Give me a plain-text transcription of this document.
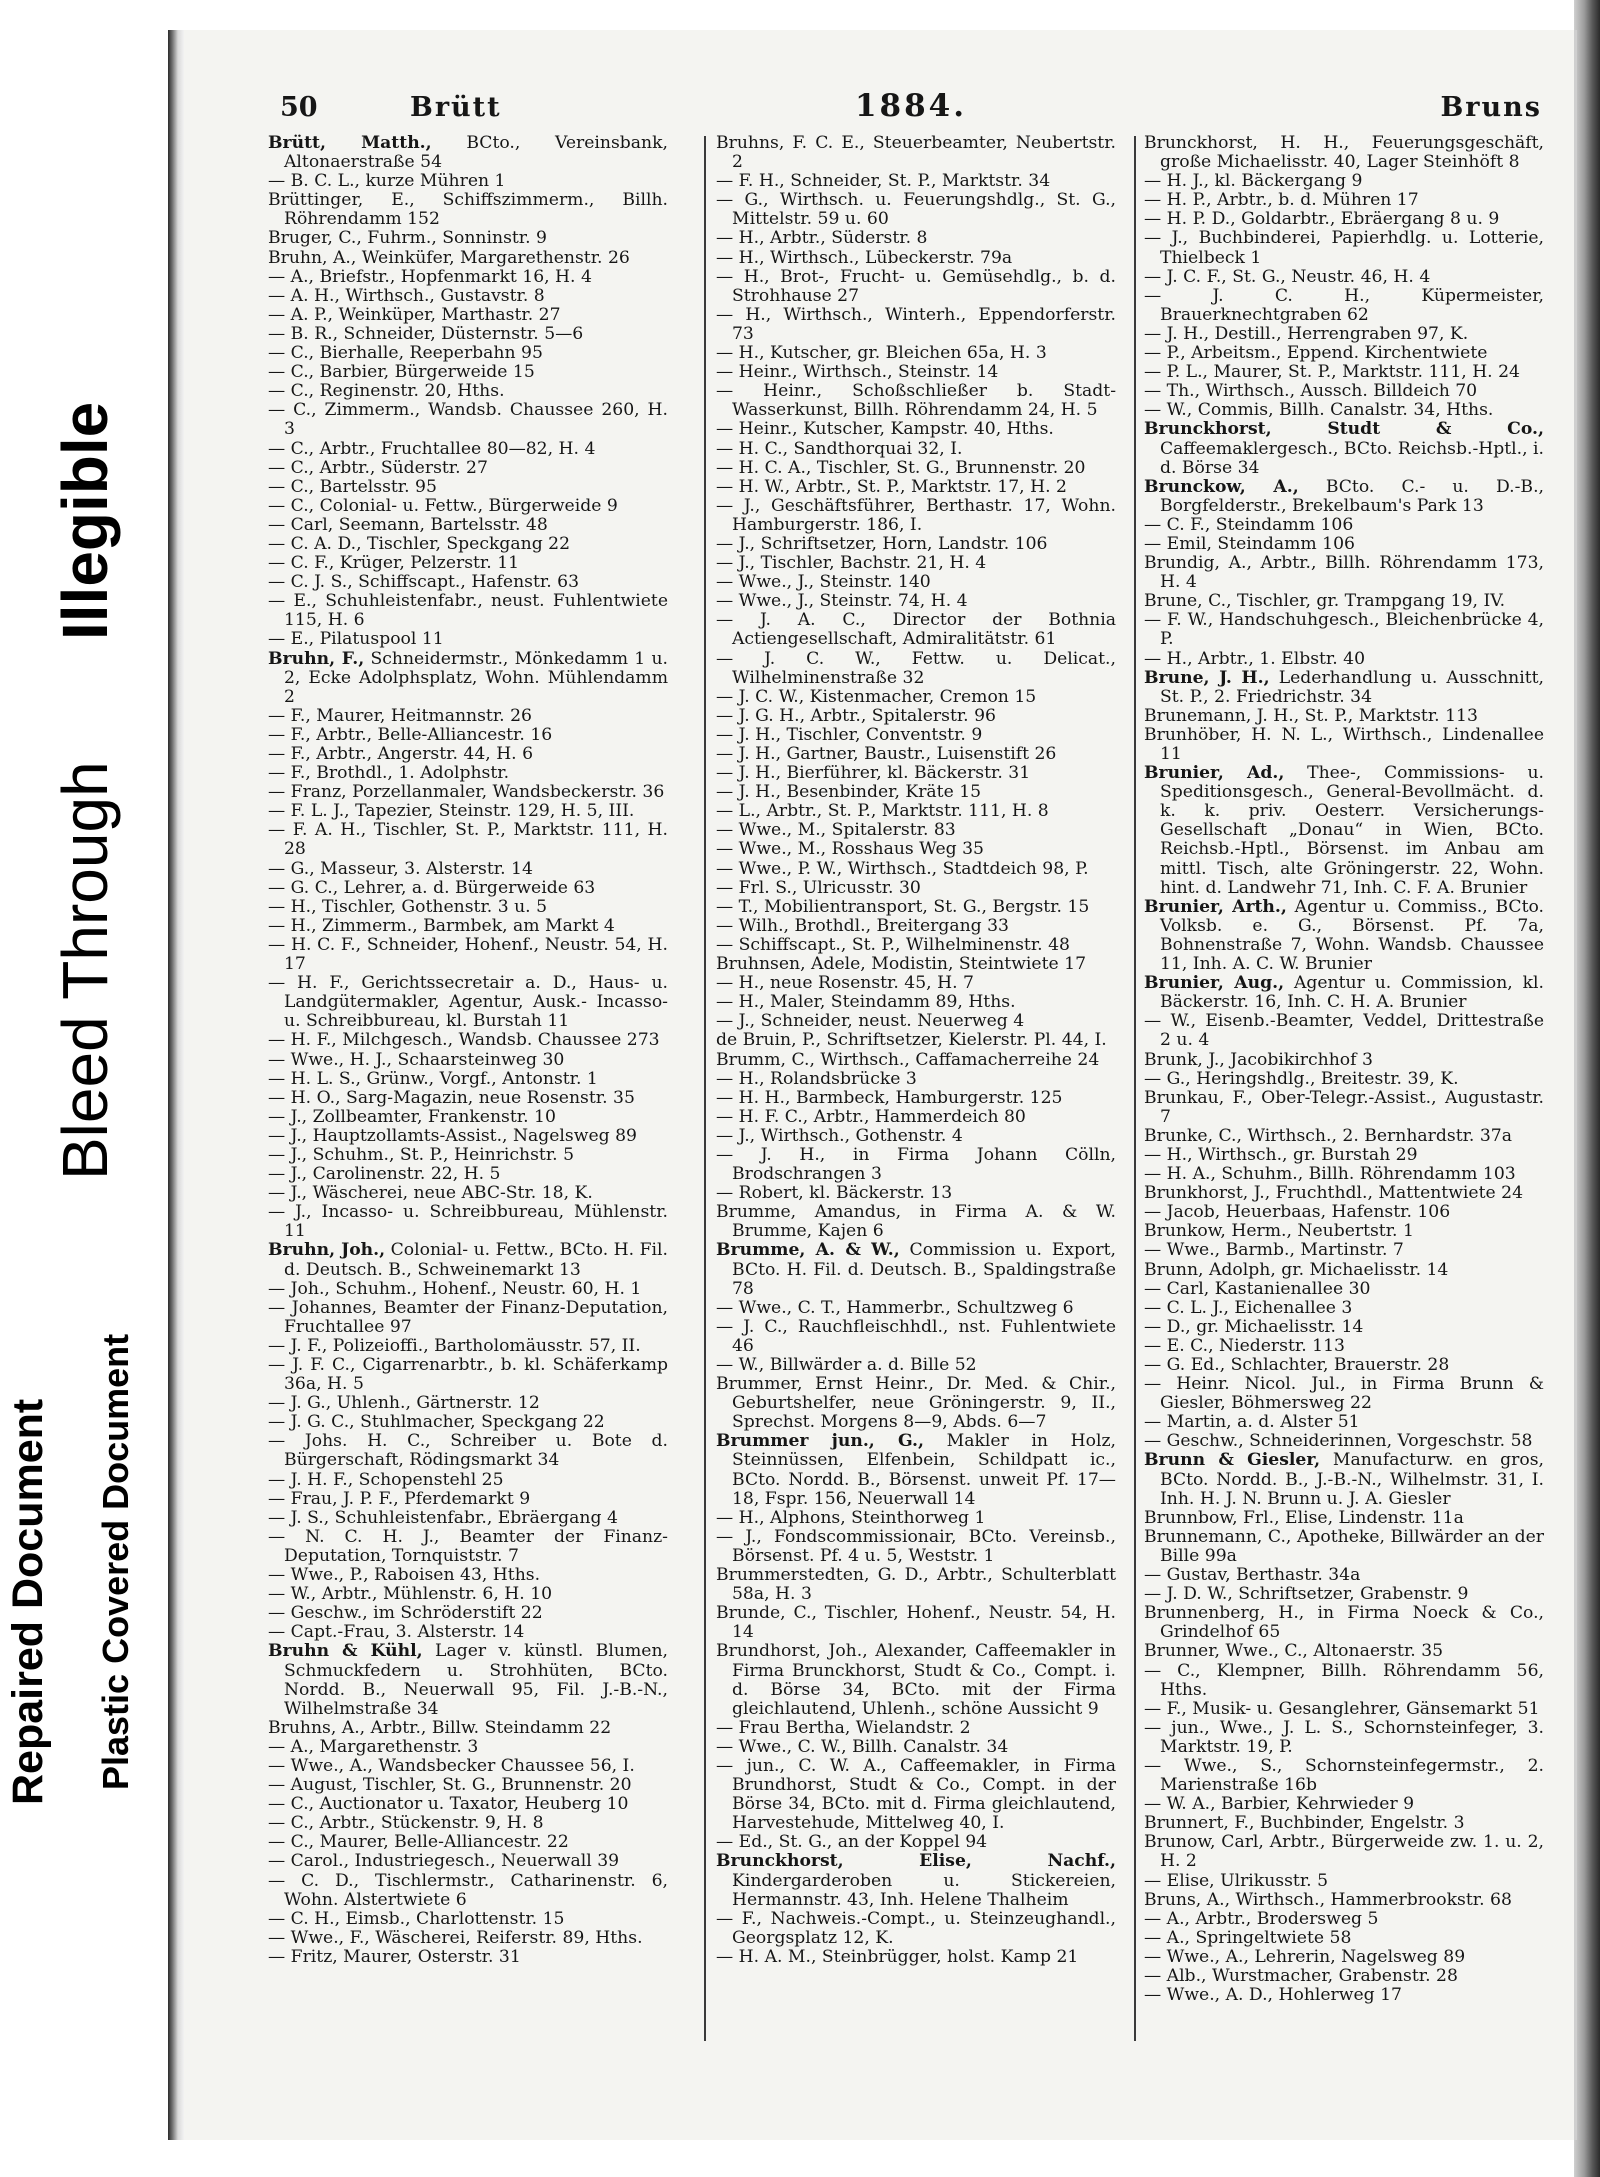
Repaired Document Plastic Covered Document
Bleed Through
Illegible
50	Brütt	1884.	Bruns

Brütt, Matth., BCto., Vereinsbank, Altonaerstraße 54

— B. C. L., kurze Mühren 1

Brüttinger, E., Schiffszimmerm., Billh. Röhrendamm 152

Bruger, C., Fuhrm., Sonninstr. 9

Bruhn, A., Weinküfer, Margarethenstr. 26

— A., Briefstr., Hopfenmarkt 16, H. 4

— A. H., Wirthsch., Gustavstr. 8

— A. P., Weinküper, Marthastr. 27

— B. R., Schneider, Düsternstr. 5—6

— C., Bierhalle, Reeperbahn 95

— C., Barbier, Bürgerweide 15

— C., Reginenstr. 20, Hths.

— C., Zimmerm., Wandsb. Chaussee 260, H. 3

— C., Arbtr., Fruchtallee 80—82, H. 4

— C., Arbtr., Süderstr. 27

— C., Bartelsstr. 95

— C., Colonial- u. Fettw., Bürgerweide 9

— Carl, Seemann, Bartelsstr. 48

— C. A. D., Tischler, Speckgang 22

— C. F., Krüger, Pelzerstr. 11

— C. J. S., Schiffscapt., Hafenstr. 63

— E., Schuhleistenfabr., neust. Fuhlentwiete 115, H. 6

— E., Pilatuspool 11

Bruhn, F., Schneidermstr., Mönkedamm 1 u. 2, Ecke Adolphsplatz, Wohn. Mühlendamm 2

— F., Maurer, Heitmannstr. 26

— F., Arbtr., Belle-Alliancestr. 16

— F., Arbtr., Angerstr. 44, H. 6

— F., Brothdl., 1. Adolphstr.

— Franz, Porzellanmaler, Wandsbeckerstr. 36

— F. L. J., Tapezier, Steinstr. 129, H. 5, III.

— F. A. H., Tischler, St. P., Marktstr. 111, H. 28

— G., Masseur, 3. Alsterstr. 14

— G. C., Lehrer, a. d. Bürgerweide 63

— H., Tischler, Gothenstr. 3 u. 5

— H., Zimmerm., Barmbek, am Markt 4

— H. C. F., Schneider, Hohenf., Neustr. 54, H. 17

— H. F., Gerichtssecretair a. D., Haus- u. Landgütermakler, Agentur, Ausk.- Incasso- u. Schreibbureau, kl. Burstah 11

— H. F., Milchgesch., Wandsb. Chaussee 273

— Wwe., H. J., Schaarsteinweg 30

— H. L. S., Grünw., Vorgf., Antonstr. 1

— H. O., Sarg-Magazin, neue Rosenstr. 35

— J., Zollbeamter, Frankenstr. 10

— J., Hauptzollamts-Assist., Nagelsweg 89

— J., Schuhm., St. P., Heinrichstr. 5

— J., Carolinenstr. 22, H. 5

— J., Wäscherei, neue ABC-Str. 18, K.

— J., Incasso- u. Schreibbureau, Mühlenstr. 11

Bruhn, Joh., Colonial- u. Fettw., BCto. H. Fil. d. Deutsch. B., Schweinemarkt 13

— Joh., Schuhm., Hohenf., Neustr. 60, H. 1

— Johannes, Beamter der Finanz-Deputation, Fruchtallee 97

— J. F., Polizeioffi., Bartholomäusstr. 57, II.

— J. F. C., Cigarrenarbtr., b. kl. Schäferkamp 36a, H. 5

— J. G., Uhlenh., Gärtnerstr. 12

— J. G. C., Stuhlmacher, Speckgang 22

— Johs. H. C., Schreiber u. Bote d. Bürgerschaft, Rödingsmarkt 34

— J. H. F., Schopenstehl 25

— Frau, J. P. F., Pferdemarkt 9

— J. S., Schuhleistenfabr., Ebräergang 4

— N. C. H. J., Beamter der Finanz-Deputation, Tornquiststr. 7

— Wwe., P., Raboisen 43, Hths.

— W., Arbtr., Mühlenstr. 6, H. 10

— Geschw., im Schröderstift 22

— Capt.-Frau, 3. Alsterstr. 14

Bruhn & Kühl, Lager v. künstl. Blumen, Schmuckfedern u. Strohhüten, BCto. Nordd. B., Neuerwall 95, Fil. J.-B.-N., Wilhelmstraße 34

Bruhns, A., Arbtr., Billw. Steindamm 22

— A., Margarethenstr. 3

— Wwe., A., Wandsbecker Chaussee 56, I.

— August, Tischler, St. G., Brunnenstr. 20

— C., Auctionator u. Taxator, Heuberg 10

— C., Arbtr., Stückenstr. 9, H. 8

— C., Maurer, Belle-Alliancestr. 22

— Carol., Industriegesch., Neuerwall 39

— C. D., Tischlermstr., Catharinenstr. 6, Wohn. Alstertwiete 6

— C. H., Eimsb., Charlottenstr. 15

— Wwe., F., Wäscherei, Reiferstr. 89, Hths.

— Fritz, Maurer, Osterstr. 31

Bruhns, F. C. E., Steuerbeamter, Neubertstr. 2

— F. H., Schneider, St. P., Marktstr. 34

— G., Wirthsch. u. Feuerungshdlg., St. G., Mittelstr. 59 u. 60

— H., Arbtr., Süderstr. 8

— H., Wirthsch., Lübeckerstr. 79a

— H., Brot-, Frucht- u. Gemüsehdlg., b. d. Strohhause 27

— H., Wirthsch., Winterh., Eppendorferstr. 73

— H., Kutscher, gr. Bleichen 65a, H. 3

— Heinr., Wirthsch., Steinstr. 14

— Heinr., Schoßschließer b. Stadt-Wasserkunst, Billh. Röhrendamm 24, H. 5

— Heinr., Kutscher, Kampstr. 40, Hths.

— H. C., Sandthorquai 32, I.

— H. C. A., Tischler, St. G., Brunnenstr. 20

— H. W., Arbtr., St. P., Marktstr. 17, H. 2

— J., Geschäftsführer, Berthastr. 17, Wohn. Hamburgerstr. 186, I.

— J., Schriftsetzer, Horn, Landstr. 106

— J., Tischler, Bachstr. 21, H. 4

— Wwe., J., Steinstr. 140

— Wwe., J., Steinstr. 74, H. 4

— J. A. C., Director der Bothnia Actiengesellschaft, Admiralitätstr. 61

— J. C. W., Fettw. u. Delicat., Wilhelminenstraße 32

— J. C. W., Kistenmacher, Cremon 15

— J. G. H., Arbtr., Spitalerstr. 96

— J. H., Tischler, Conventstr. 9

— J. H., Gartner, Baustr., Luisenstift 26

— J. H., Bierführer, kl. Bäckerstr. 31

— J. H., Besenbinder, Kräte 15

— L., Arbtr., St. P., Marktstr. 111, H. 8

— Wwe., M., Spitalerstr. 83

— Wwe., M., Rosshaus Weg 35

— Wwe., P. W., Wirthsch., Stadtdeich 98, P.

— Frl. S., Ulricusstr. 30

— T., Mobilientransport, St. G., Bergstr. 15

— Wilh., Brothdl., Breitergang 33

— Schiffscapt., St. P., Wilhelminenstr. 48

Bruhnsen, Adele, Modistin, Steintwiete 17

— H., neue Rosenstr. 45, H. 7

— H., Maler, Steindamm 89, Hths.

— J., Schneider, neust. Neuerweg 4

de Bruin, P., Schriftsetzer, Kielerstr. Pl. 44, I.

Brumm, C., Wirthsch., Caffamacherreihe 24

— H., Rolandsbrücke 3

— H. H., Barmbeck, Hamburgerstr. 125

— H. F. C., Arbtr., Hammerdeich 80

— J., Wirthsch., Gothenstr. 4

— J. H., in Firma Johann Cölln, Brodschrangen 3

— Robert, kl. Bäckerstr. 13

Brumme, Amandus, in Firma A. & W. Brumme, Kajen 6

Brumme, A. & W., Commission u. Export, BCto. H. Fil. d. Deutsch. B., Spaldingstraße 78

— Wwe., C. T., Hammerbr., Schultzweg 6

— J. C., Rauchfleischhdl., nst. Fuhlentwiete 46

— W., Billwärder a. d. Bille 52

Brummer, Ernst Heinr., Dr. Med. & Chir., Geburtshelfer, neue Gröningerstr. 9, II., Sprechst. Morgens 8—9, Abds. 6—7

Brummer jun., G., Makler in Holz, Steinnüssen, Elfenbein, Schildpatt ic., BCto. Nordd. B., Börsenst. unweit Pf. 17—18, Fspr. 156, Neuerwall 14

— H., Alphons, Steinthorweg 1

— J., Fondscommissionair, BCto. Vereinsb., Börsenst. Pf. 4 u. 5, Weststr. 1

Brummerstedten, G. D., Arbtr., Schulterblatt 58a, H. 3

Brunde, C., Tischler, Hohenf., Neustr. 54, H. 14

Brundhorst, Joh., Alexander, Caffeemakler in Firma Brunckhorst, Studt & Co., Compt. i. d. Börse 34, BCto. mit der Firma gleichlautend, Uhlenh., schöne Aussicht 9

— Frau Bertha, Wielandstr. 2

— Wwe., C. W., Billh. Canalstr. 34

— jun., C. W. A., Caffeemakler, in Firma Brundhorst, Studt & Co., Compt. in der Börse 34, BCto. mit d. Firma gleichlautend, Harvestehude, Mittelweg 40, I.

— Ed., St. G., an der Koppel 94

Brunckhorst, Elise, Nachf., Kindergarderoben u. Stickereien, Hermannstr. 43, Inh. Helene Thalheim

— F., Nachweis.-Compt., u. Steinzeughandl., Georgsplatz 12, K.

— H. A. M., Steinbrügger, holst. Kamp 21

Brunckhorst, H. H., Feuerungsgeschäft, große Michaelisstr. 40, Lager Steinhöft 8

— H. J., kl. Bäckergang 9

— H. P., Arbtr., b. d. Mühren 17

— H. P. D., Goldarbtr., Ebräergang 8 u. 9

— J., Buchbinderei, Papierhdlg. u. Lotterie, Thielbeck 1

— J. C. F., St. G., Neustr. 46, H. 4

— J. C. H., Küpermeister, Brauerknechtgraben 62

— J. H., Destill., Herrengraben 97, K.

— P., Arbeitsm., Eppend. Kirchentwiete

— P. L., Maurer, St. P., Marktstr. 111, H. 24

— Th., Wirthsch., Aussch. Billdeich 70

— W., Commis, Billh. Canalstr. 34, Hths.

Brunckhorst, Studt & Co., Caffeemaklergesch., BCto. Reichsb.-Hptl., i. d. Börse 34

Brunckow, A., BCto. C.- u. D.-B., Borgfelderstr., Brekelbaum's Park 13

— C. F., Steindamm 106

— Emil, Steindamm 106

Brundig, A., Arbtr., Billh. Röhrendamm 173, H. 4

Brune, C., Tischler, gr. Trampgang 19, IV.

— F. W., Handschuhgesch., Bleichenbrücke 4, P.

— H., Arbtr., 1. Elbstr. 40

Brune, J. H., Lederhandlung u. Ausschnitt, St. P., 2. Friedrichstr. 34

Brunemann, J. H., St. P., Marktstr. 113

Brunhöber, H. N. L., Wirthsch., Lindenallee 11

Brunier, Ad., Thee-, Commissions- u. Speditionsgesch., General-Bevollmächt. d. k. k. priv. Oesterr. Versicherungs-Gesellschaft „Donau“ in Wien, BCto. Reichsb.-Hptl., Börsenst. im Anbau am mittl. Tisch, alte Gröningerstr. 22, Wohn. hint. d. Landwehr 71, Inh. C. F. A. Brunier

Brunier, Arth., Agentur u. Commiss., BCto. Volksb. e. G., Börsenst. Pf. 7a, Bohnenstraße 7, Wohn. Wandsb. Chaussee 11, Inh. A. C. W. Brunier

Brunier, Aug., Agentur u. Commission, kl. Bäckerstr. 16, Inh. C. H. A. Brunier

— W., Eisenb.-Beamter, Veddel, Drittestraße 2 u. 4

Brunk, J., Jacobikirchhof 3

— G., Heringshdlg., Breitestr. 39, K.

Brunkau, F., Ober-Telegr.-Assist., Augustastr. 7

Brunke, C., Wirthsch., 2. Bernhardstr. 37a

— H., Wirthsch., gr. Burstah 29

— H. A., Schuhm., Billh. Röhrendamm 103

Brunkhorst, J., Fruchthdl., Mattentwiete 24

— Jacob, Heuerbaas, Hafenstr. 106

Brunkow, Herm., Neubertstr. 1

— Wwe., Barmb., Martinstr. 7

Brunn, Adolph, gr. Michaelisstr. 14

— Carl, Kastanienallee 30

— C. L. J., Eichenallee 3

— D., gr. Michaelisstr. 14

— E. C., Niederstr. 113

— G. Ed., Schlachter, Brauerstr. 28

— Heinr. Nicol. Jul., in Firma Brunn & Giesler, Böhmersweg 22

— Martin, a. d. Alster 51

— Geschw., Schneiderinnen, Vorgeschstr. 58

Brunn & Giesler, Manufacturw. en gros, BCto. Nordd. B., J.-B.-N., Wilhelmstr. 31, I. Inh. H. J. N. Brunn u. J. A. Giesler

Brunnbow, Frl., Elise, Lindenstr. 11a

Brunnemann, C., Apotheke, Billwärder an der Bille 99a

— Gustav, Berthastr. 34a

— J. D. W., Schriftsetzer, Grabenstr. 9

Brunnenberg, H., in Firma Noeck & Co., Grindelhof 65

Brunner, Wwe., C., Altonaerstr. 35

— C., Klempner, Billh. Röhrendamm 56, Hths.

— F., Musik- u. Gesanglehrer, Gänsemarkt 51

— jun., Wwe., J. L. S., Schornsteinfeger, 3. Marktstr. 19, P.

— Wwe., S., Schornsteinfegermstr., 2. Marienstraße 16b

— W. A., Barbier, Kehrwieder 9

Brunnert, F., Buchbinder, Engelstr. 3

Brunow, Carl, Arbtr., Bürgerweide zw. 1. u. 2, H. 2

— Elise, Ulrikusstr. 5

Bruns, A., Wirthsch., Hammerbrookstr. 68

— A., Arbtr., Brodersweg 5

— A., Springeltwiete 58

— Wwe., A., Lehrerin, Nagelsweg 89

— Alb., Wurstmacher, Grabenstr. 28

— Wwe., A. D., Hohlerweg 17
